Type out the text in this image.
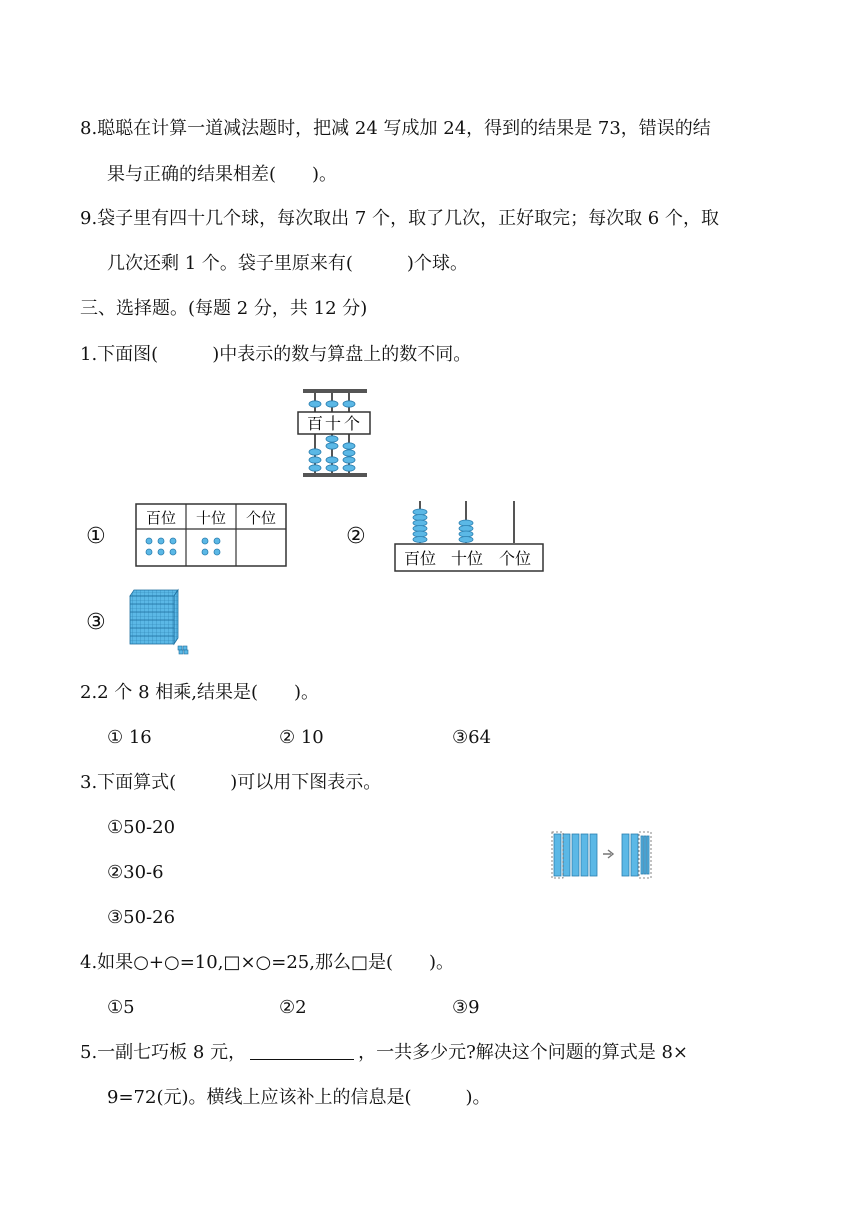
8.聪聪在计算一道减法题时，把减 24 写成加 24，得到的结果是 73，错误的结
果与正确的结果相差(　　)。
9.袋子里有四十几个球，每次取出 7 个，取了几次，正好取完；每次取 6 个，取
几次还剩 1 个。袋子里原来有(　　　)个球。
三、选择题。(每题 2 分，共 12 分)
1.下面图(　　　)中表示的数与算盘上的数不同。
百 十 个
①
百位 十位 个位
②
百位 十位 个位
③
2.2 个 8 相乘,结果是(　　)。
① 16	② 10	③64
3.下面算式(　　　)可以用下图表示。
①50-20
②30-6
③50-26
4.如果○+○=10,□×○=25,那么□是(　　)。
①5	②2	③9
5.一副七巧板 8 元，	，一共多少元?解决这个问题的算式是 8×
9=72(元)。横线上应该补上的信息是(　　　)。
